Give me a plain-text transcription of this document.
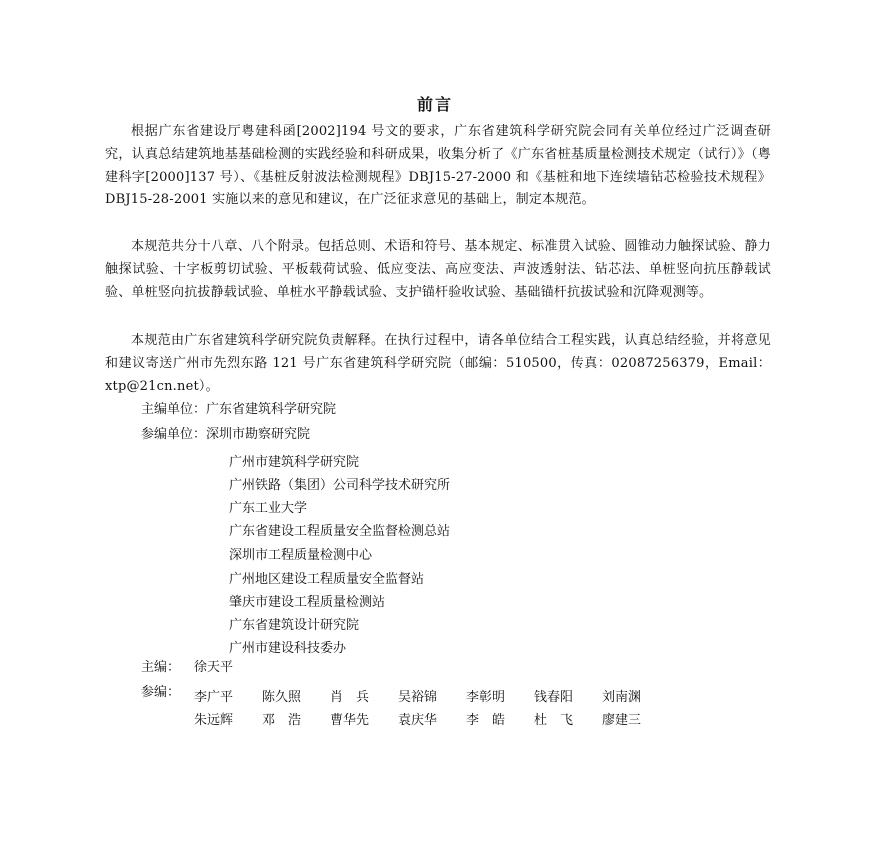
前言

根据广东省建设厅粤建科函[2002]194 号文的要求，广东省建筑科学研究院会同有关单位经过广泛调查研究，认真总结建筑地基基础检测的实践经验和科研成果，收集分析了《广东省桩基质量检测技术规定（试行）》（粤建科字[2000]137 号）、《基桩反射波法检测规程》DBJ15-27-2000 和《基桩和地下连续墙钻芯检验技术规程》DBJ15-28-2001 实施以来的意见和建议，在广泛征求意见的基础上，制定本规范。

本规范共分十八章、八个附录。包括总则、术语和符号、基本规定、标准贯入试验、圆锥动力触探试验、静力触探试验、十字板剪切试验、平板载荷试验、低应变法、高应变法、声波透射法、钻芯法、单桩竖向抗压静载试验、单桩竖向抗拔静载试验、单桩水平静载试验、支护锚杆验收试验、基础锚杆抗拔试验和沉降观测等。

本规范由广东省建筑科学研究院负责解释。在执行过程中，请各单位结合工程实践，认真总结经验，并将意见和建议寄送广州市先烈东路 121 号广东省建筑科学研究院（邮编：510500，传真：02087256379，Email：xtp@21cn.net）。

主编单位：广东省建筑科学研究院
参编单位：深圳市勘察研究院
广州市建筑科学研究院
广州铁路（集团）公司科学技术研究所
广东工业大学
广东省建设工程质量安全监督检测总站
深圳市工程质量检测中心
广州地区建设工程质量安全监督站
肇庆市建设工程质量检测站
广东省建筑设计研究院
广州市建设科技委办
主编： 徐天平
参编： 李广平 陈久照 肖　兵 吴裕锦 李彰明 钱春阳 刘南渊
朱远辉 邓　浩 曹华先 袁庆华 李　皓 杜　飞 廖建三
